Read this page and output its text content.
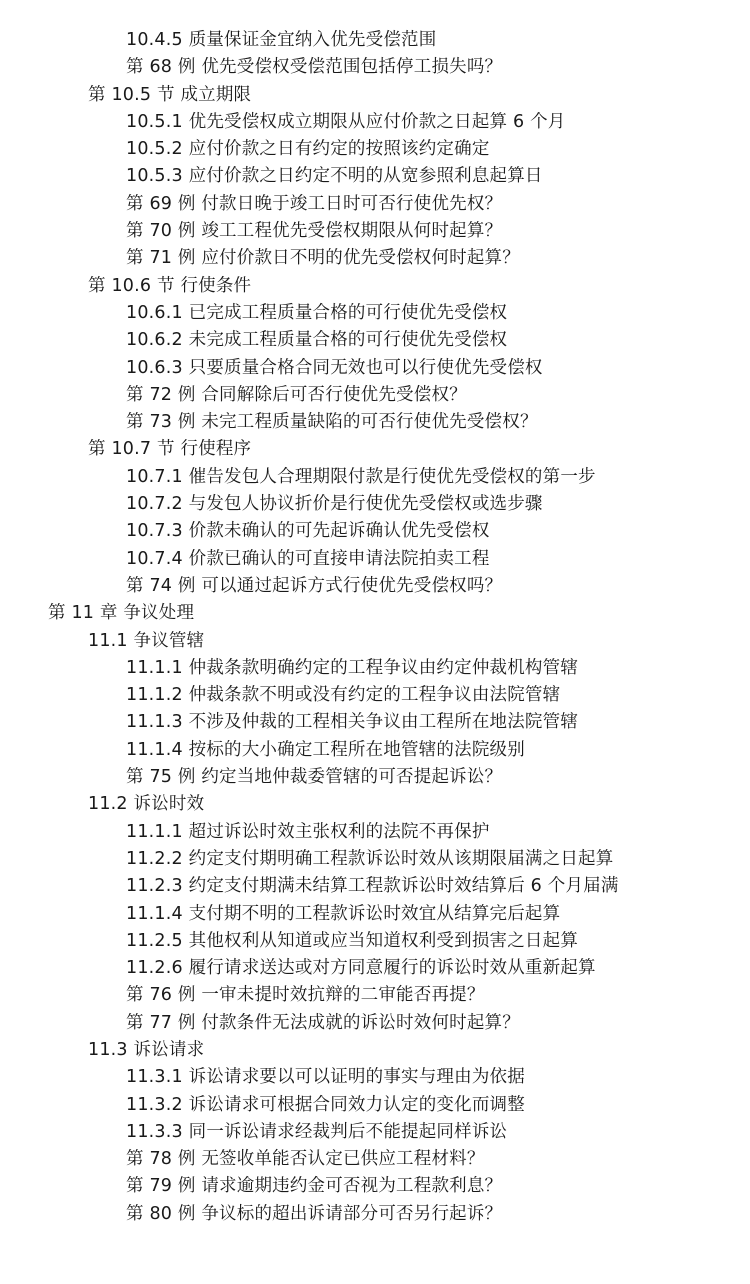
10.4.5 质量保证金宜纳入优先受偿范围
第 68 例 优先受偿权受偿范围包括停工损失吗？
第 10.5 节 成立期限
10.5.1 优先受偿权成立期限从应付价款之日起算 6 个月
10.5.2 应付价款之日有约定的按照该约定确定
10.5.3 应付价款之日约定不明的从宽参照利息起算日
第 69 例 付款日晚于竣工日时可否行使优先权？
第 70 例 竣工工程优先受偿权期限从何时起算？
第 71 例 应付价款日不明的优先受偿权何时起算？
第 10.6 节 行使条件
10.6.1 已完成工程质量合格的可行使优先受偿权
10.6.2 未完成工程质量合格的可行使优先受偿权
10.6.3 只要质量合格合同无效也可以行使优先受偿权
第 72 例 合同解除后可否行使优先受偿权？
第 73 例 未完工程质量缺陷的可否行使优先受偿权？
第 10.7 节 行使程序
10.7.1 催告发包人合理期限付款是行使优先受偿权的第一步
10.7.2 与发包人协议折价是行使优先受偿权或选步骤
10.7.3 价款未确认的可先起诉确认优先受偿权
10.7.4 价款已确认的可直接申请法院拍卖工程
第 74 例 可以通过起诉方式行使优先受偿权吗？
第 11 章 争议处理
11.1 争议管辖
11.1.1 仲裁条款明确约定的工程争议由约定仲裁机构管辖
11.1.2 仲裁条款不明或没有约定的工程争议由法院管辖
11.1.3 不涉及仲裁的工程相关争议由工程所在地法院管辖
11.1.4 按标的大小确定工程所在地管辖的法院级别
第 75 例 约定当地仲裁委管辖的可否提起诉讼？
11.2 诉讼时效
11.1.1 超过诉讼时效主张权利的法院不再保护
11.2.2 约定支付期明确工程款诉讼时效从该期限届满之日起算
11.2.3 约定支付期满未结算工程款诉讼时效结算后 6 个月届满
11.1.4 支付期不明的工程款诉讼时效宜从结算完后起算
11.2.5 其他权利从知道或应当知道权利受到损害之日起算
11.2.6 履行请求送达或对方同意履行的诉讼时效从重新起算
第 76 例 一审未提时效抗辩的二审能否再提？
第 77 例 付款条件无法成就的诉讼时效何时起算？
11.3 诉讼请求
11.3.1 诉讼请求要以可以证明的事实与理由为依据
11.3.2 诉讼请求可根据合同效力认定的变化而调整
11.3.3 同一诉讼请求经裁判后不能提起同样诉讼
第 78 例 无签收单能否认定已供应工程材料？
第 79 例 请求逾期违约金可否视为工程款利息？
第 80 例 争议标的超出诉请部分可否另行起诉？
